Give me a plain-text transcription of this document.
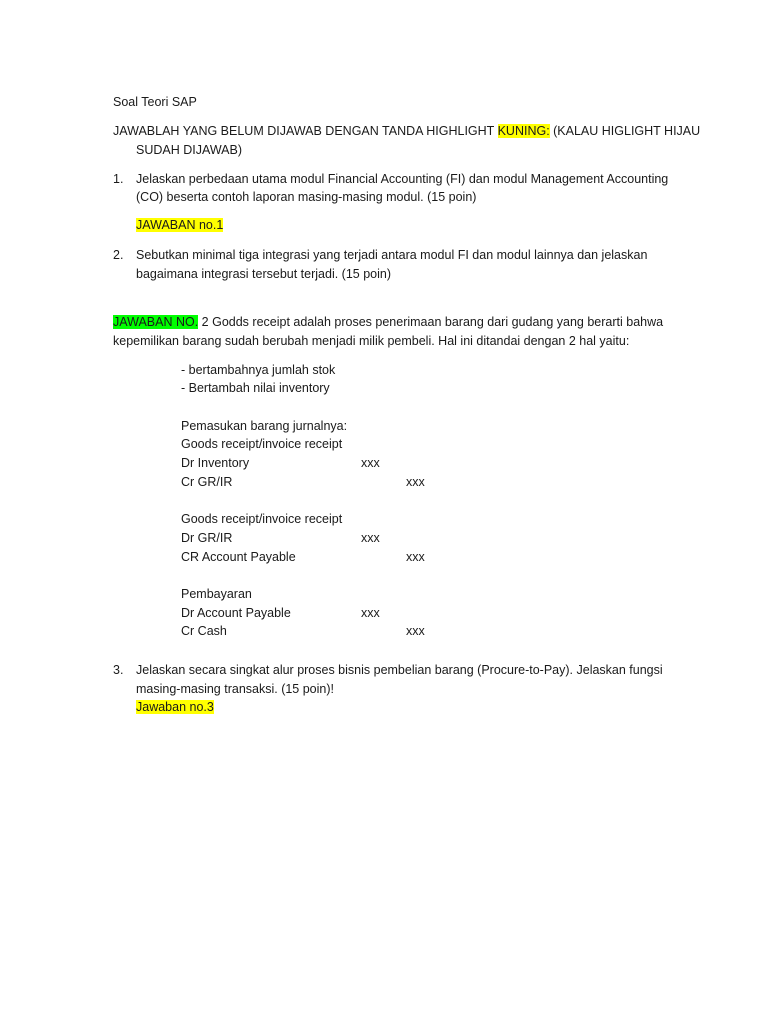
Soal Teori SAP
JAWABLAH YANG BELUM DIJAWAB DENGAN TANDA HIGHLIGHT KUNING: (KALAU HIGLIGHT HIJAU
SUDAH DIJAWAB)
1. Jelaskan perbedaan utama modul Financial Accounting (FI) dan modul Management Accounting
(CO) beserta contoh laporan masing-masing modul. (15 poin)
JAWABAN no.1
2. Sebutkan minimal tiga integrasi yang terjadi antara modul FI dan modul lainnya dan jelaskan
bagaimana integrasi tersebut terjadi. (15 poin)
JAWABAN NO. 2 Godds receipt adalah proses penerimaan barang dari gudang yang berarti bahwa
kepemilikan barang sudah berubah menjadi milik pembeli. Hal ini ditandai dengan 2 hal yaitu:
- bertambahnya jumlah stok
- Bertambah nilai inventory
Pemasukan barang jurnalnya:
Goods receipt/invoice receipt
Dr Inventory	xxx
Cr GR/IR	xxx
Goods receipt/invoice receipt
Dr GR/IR	xxx
CR Account Payable	xxx
Pembayaran
Dr Account Payable	xxx
Cr Cash	xxx
3. Jelaskan secara singkat alur proses bisnis pembelian barang (Procure-to-Pay). Jelaskan fungsi
masing-masing transaksi. (15 poin)!
Jawaban no.3
